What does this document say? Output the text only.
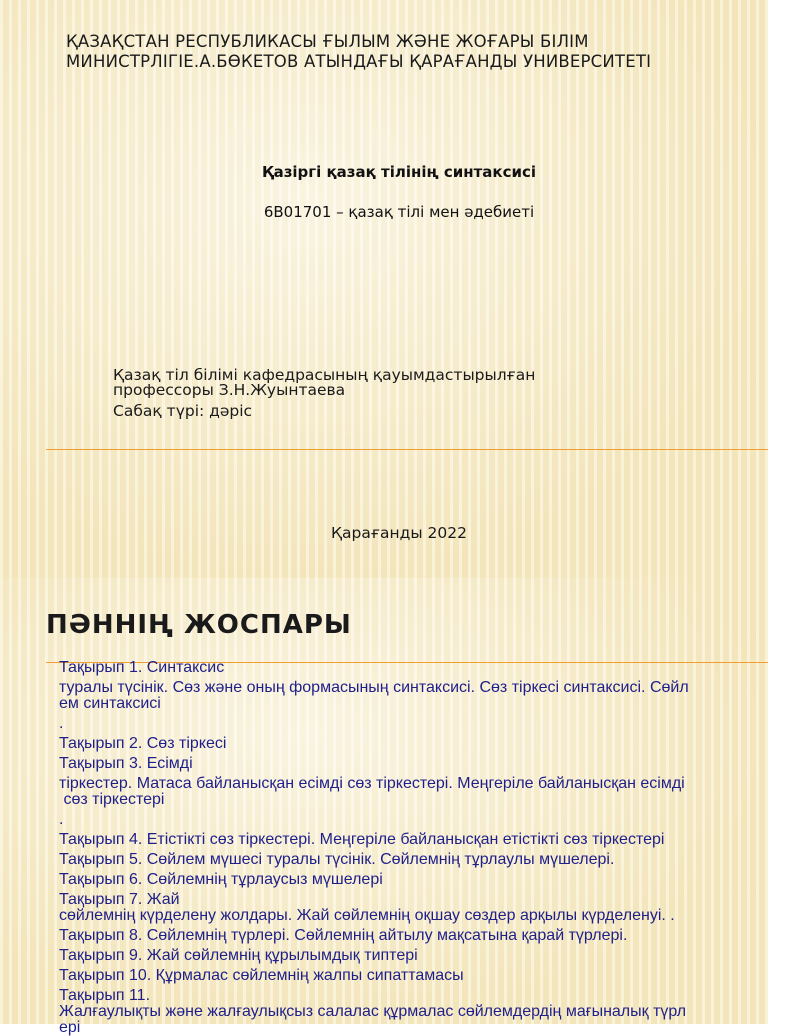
ҚАЗАҚСТАН РЕСПУБЛИКАСЫ ҒЫЛЫМ ЖӘНЕ ЖОҒАРЫ БІЛІМ МИНИСТРЛІГІЕ.А.БӨКЕТОВ АТЫНДАҒЫ ҚАРАҒАНДЫ УНИВЕРСИТЕТІ
Қазіргі қазақ тілінің синтаксисі
6В01701 – қазақ тілі мен әдебиеті
Қазақ тіл білімі кафедрасының қауымдастырылған профессоры З.Н.Жуынтаева
Сабақ түрі: дәріс
Қарағанды 2022
ПӘННІҢ ЖОСПАРЫ
Тақырып 1. Синтаксис
туралы түсінік. Сөз және оның формасының синтаксисі. Сөз тіркесі синтаксисі. Сөйл
ем синтаксисі
.
Тақырып 2. Сөз тіркесі
Тақырып 3. Есімді
тіркестер. Матаса байланысқан есімді сөз тіркестері. Меңгеріле байланысқан есімді
сөз тіркестері
.
Тақырып 4. Етістікті сөз тіркестері. Меңгеріле байланысқан етістікті сөз тіркестері
Тақырып 5. Сөйлем мүшесі туралы түсінік. Сөйлемнің тұрлаулы мүшелері.
Тақырып 6. Сөйлемнің тұрлаусыз мүшелері
Тақырып 7. Жай
сөйлемнің күрделену жолдары. Жай сөйлемнің оқшау сөздер арқылы күрделенуі. .
Тақырып 8. Сөйлемнің түрлері. Сөйлемнің айтылу мақсатына қарай түрлері.
Тақырып 9. Жай сөйлемнің құрылымдық типтері
Тақырып 10. Құрмалас сөйлемнің жалпы сипаттамасы
Тақырып 11.
Жалғаулықты және жалғаулықсыз салалас құрмалас сөйлемдердің мағыналық түрл
ері
